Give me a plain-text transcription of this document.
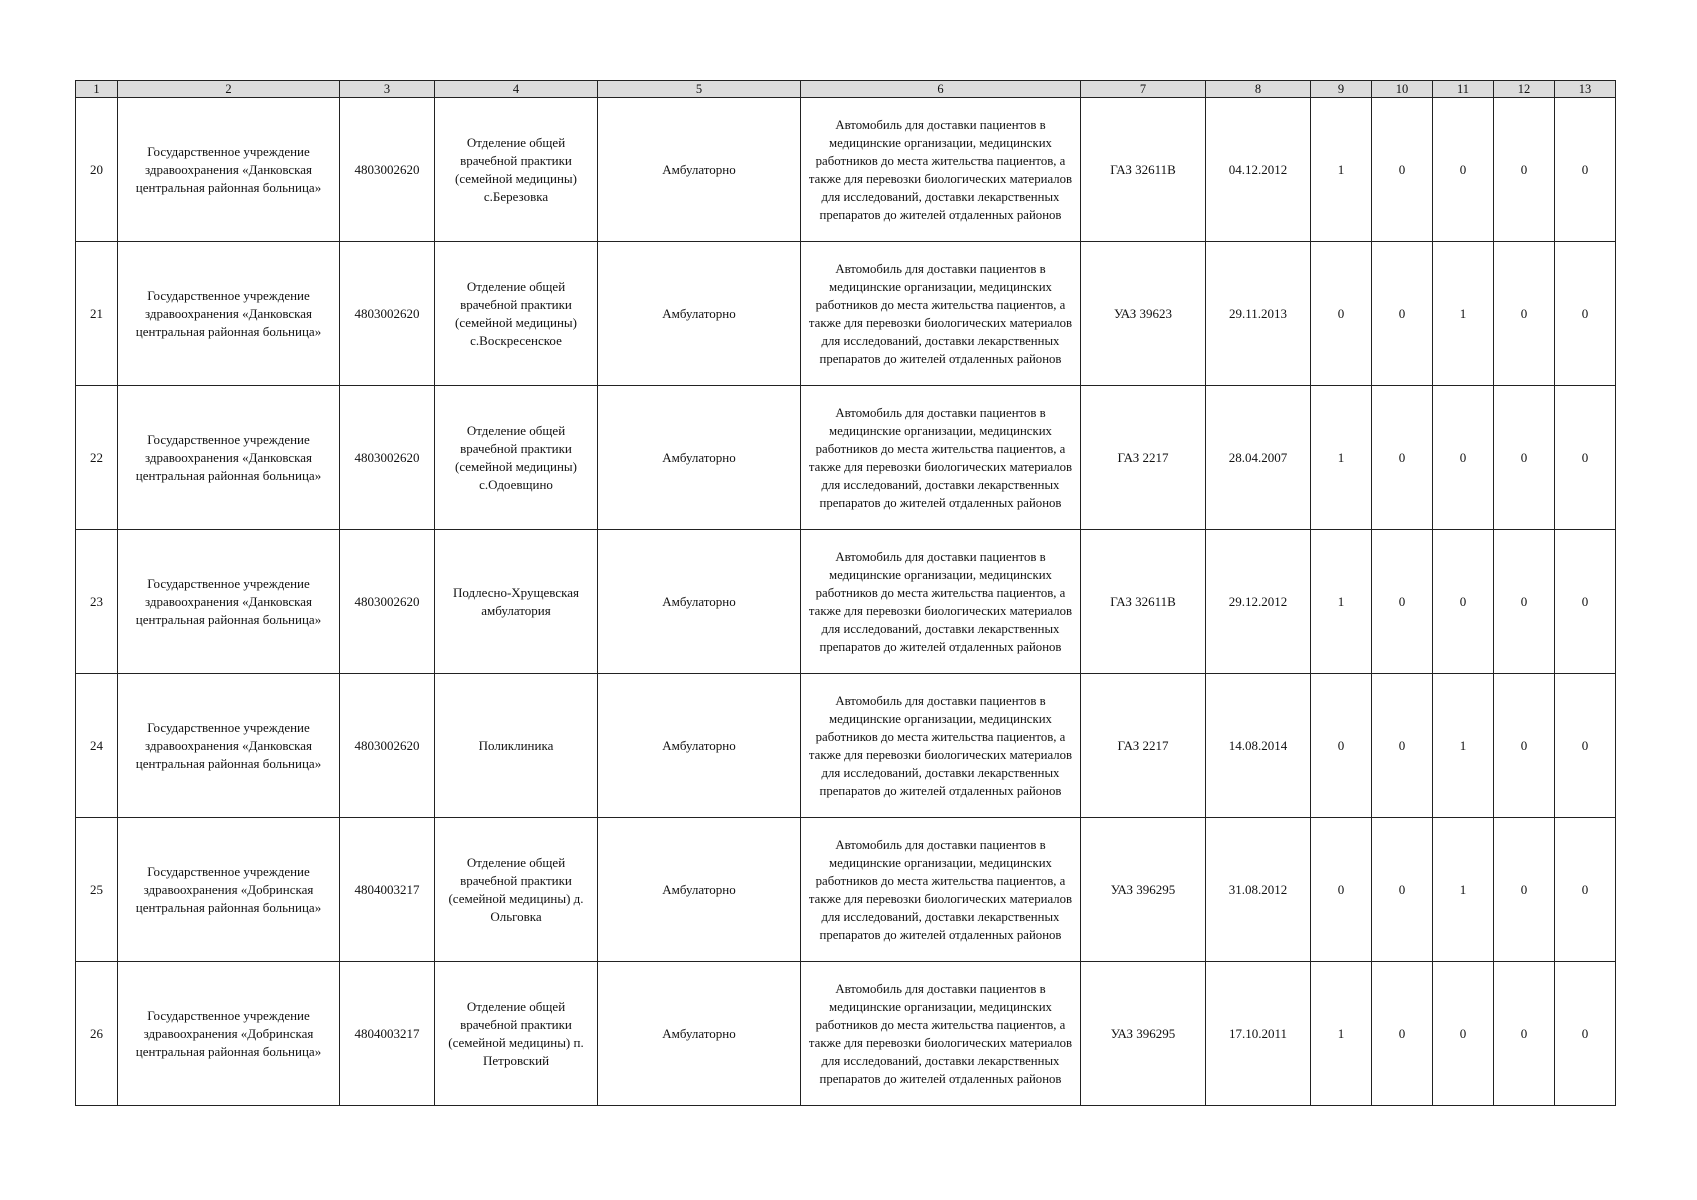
1	2	3	4	5	6	7	8	9	10	11	12	13
20	Государственное учреждение здравоохранения «Данковская центральная районная больница»	4803002620	Отделение общей врачебной практики (семейной медицины) с.Березовка	Амбулаторно	Автомобиль для доставки пациентов в медицинские организации, медицинских работников до места жительства пациентов, а также для перевозки биологических материалов для исследований, доставки лекарственных препаратов до жителей отдаленных районов	ГАЗ 32611В	04.12.2012	1	0	0	0	0
21	Государственное учреждение здравоохранения «Данковская центральная районная больница»	4803002620	Отделение общей врачебной практики (семейной медицины) с.Воскресенское	Амбулаторно	Автомобиль для доставки пациентов в медицинские организации, медицинских работников до места жительства пациентов, а также для перевозки биологических материалов для исследований, доставки лекарственных препаратов до жителей отдаленных районов	УАЗ 39623	29.11.2013	0	0	1	0	0
22	Государственное учреждение здравоохранения «Данковская центральная районная больница»	4803002620	Отделение общей врачебной практики (семейной медицины) с.Одоевщино	Амбулаторно	Автомобиль для доставки пациентов в медицинские организации, медицинских работников до места жительства пациентов, а также для перевозки биологических материалов для исследований, доставки лекарственных препаратов до жителей отдаленных районов	ГАЗ 2217	28.04.2007	1	0	0	0	0
23	Государственное учреждение здравоохранения «Данковская центральная районная больница»	4803002620	Подлесно-Хрущевская амбулатория	Амбулаторно	Автомобиль для доставки пациентов в медицинские организации, медицинских работников до места жительства пациентов, а также для перевозки биологических материалов для исследований, доставки лекарственных препаратов до жителей отдаленных районов	ГАЗ 32611В	29.12.2012	1	0	0	0	0
24	Государственное учреждение здравоохранения «Данковская центральная районная больница»	4803002620	Поликлиника	Амбулаторно	Автомобиль для доставки пациентов в медицинские организации, медицинских работников до места жительства пациентов, а также для перевозки биологических материалов для исследований, доставки лекарственных препаратов до жителей отдаленных районов	ГАЗ 2217	14.08.2014	0	0	1	0	0
25	Государственное учреждение здравоохранения «Добринская центральная районная больница»	4804003217	Отделение общей врачебной практики (семейной медицины) д. Ольговка	Амбулаторно	Автомобиль для доставки пациентов в медицинские организации, медицинских работников до места жительства пациентов, а также для перевозки биологических материалов для исследований, доставки лекарственных препаратов до жителей отдаленных районов	УАЗ 396295	31.08.2012	0	0	1	0	0
26	Государственное учреждение здравоохранения «Добринская центральная районная больница»	4804003217	Отделение общей врачебной практики (семейной медицины) п. Петровский	Амбулаторно	Автомобиль для доставки пациентов в медицинские организации, медицинских работников до места жительства пациентов, а также для перевозки биологических материалов для исследований, доставки лекарственных препаратов до жителей отдаленных районов	УАЗ 396295	17.10.2011	1	0	0	0	0
